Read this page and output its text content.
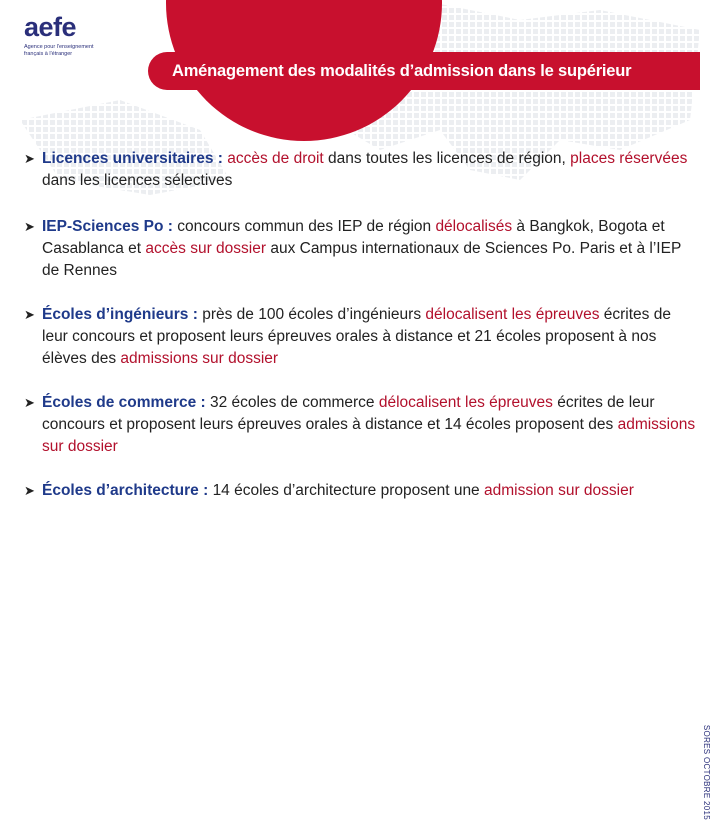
aefe
Agence pour l'enseignement français à l'étranger
Aménagement des modalités d’admission dans le supérieur
➤ Licences universitaires : accès de droit dans toutes les licences de région, places réservées dans les licences sélectives
➤ IEP-Sciences Po : concours commun des IEP de région délocalisés à Bangkok, Bogota et Casablanca et accès sur dossier aux Campus internationaux de Sciences Po. Paris et à l’IEP de Rennes
➤ Écoles d’ingénieurs : près de 100 écoles d’ingénieurs délocalisent les épreuves écrites de leur concours et proposent leurs épreuves orales à distance et 21 écoles proposent à nos élèves des admissions sur dossier
➤ Écoles de commerce : 32 écoles de commerce délocalisent les épreuves écrites de leur concours et proposent leurs épreuves orales à distance et 14 écoles proposent des admissions sur dossier
➤ Écoles d’architecture : 14 écoles d’architecture proposent une admission sur dossier
SORES OCTOBRE 2015
